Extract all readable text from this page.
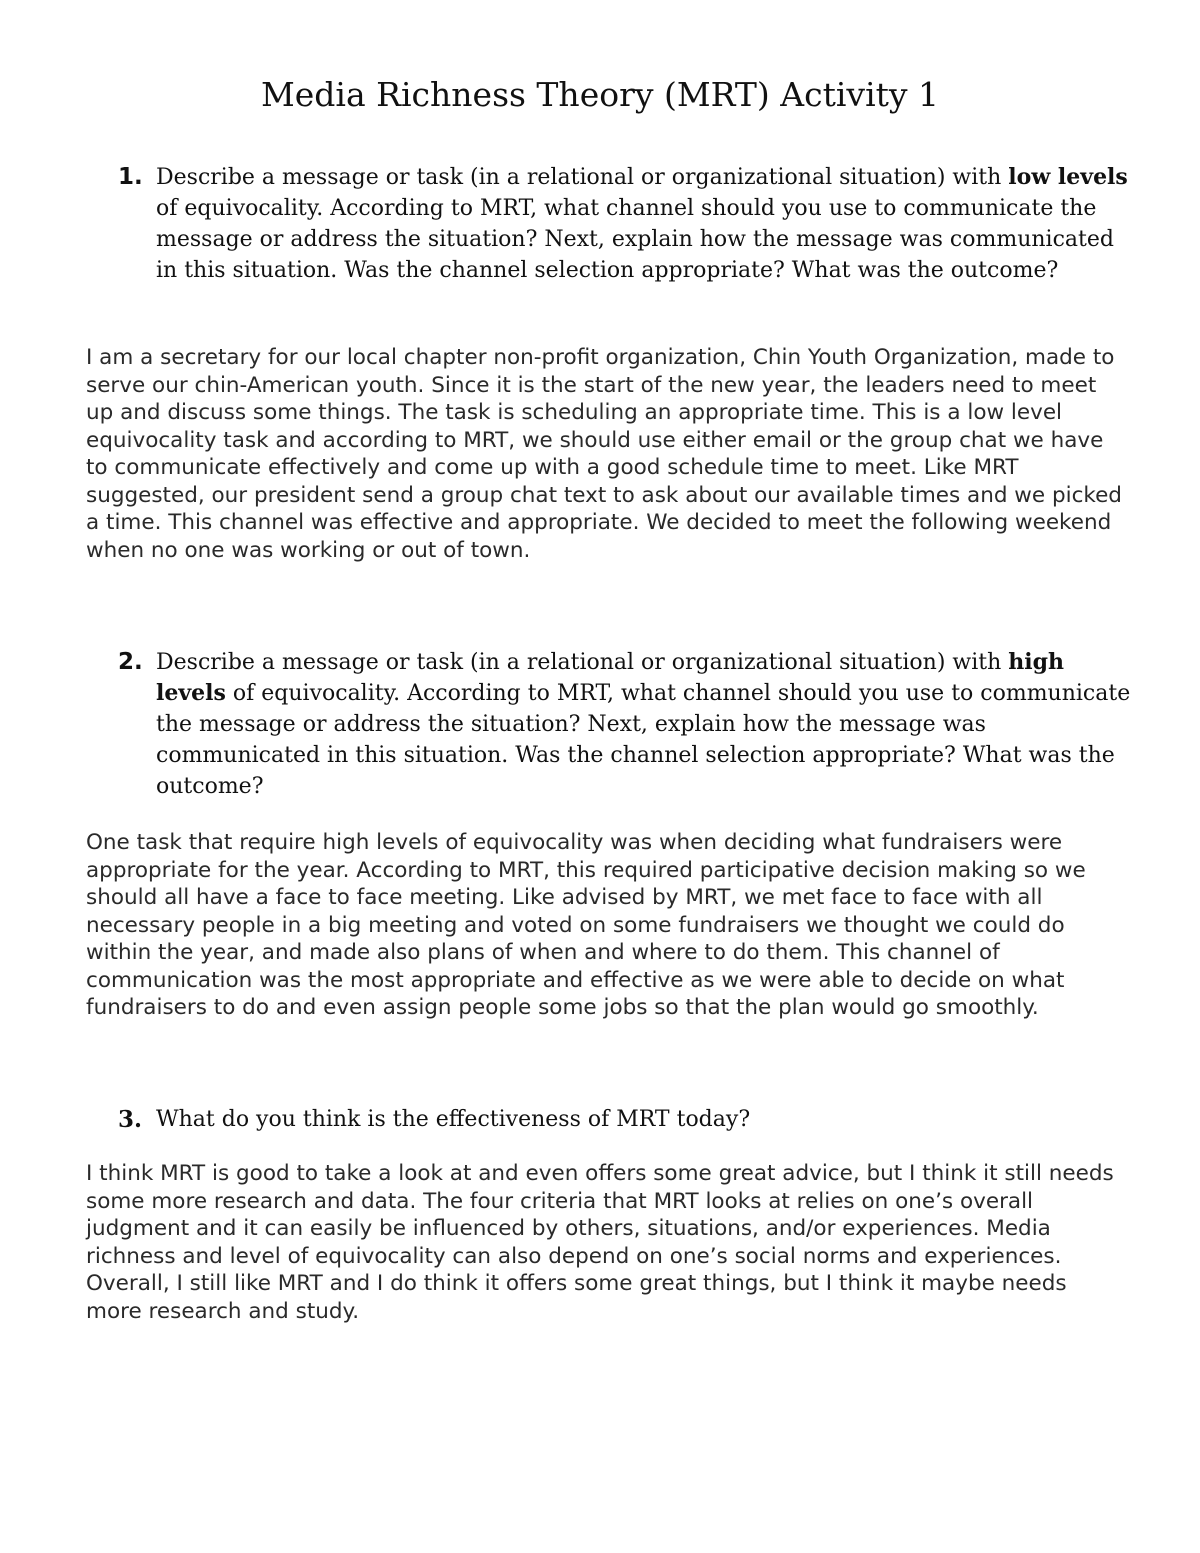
Media Richness Theory (MRT) Activity 1

1. Describe a message or task (in a relational or organizational situation) with low levels of equivocality. According to MRT, what channel should you use to communicate the message or address the situation? Next, explain how the message was communicated in this situation. Was the channel selection appropriate? What was the outcome?

I am a secretary for our local chapter non-profit organization, Chin Youth Organization, made to serve our chin-American youth. Since it is the start of the new year, the leaders need to meet up and discuss some things. The task is scheduling an appropriate time. This is a low level equivocality task and according to MRT, we should use either email or the group chat we have to communicate effectively and come up with a good schedule time to meet. Like MRT suggested, our president send a group chat text to ask about our available times and we picked a time. This channel was effective and appropriate. We decided to meet the following weekend when no one was working or out of town.

2. Describe a message or task (in a relational or organizational situation) with high levels of equivocality. According to MRT, what channel should you use to communicate the message or address the situation? Next, explain how the message was communicated in this situation. Was the channel selection appropriate? What was the outcome?

One task that require high levels of equivocality was when deciding what fundraisers were appropriate for the year. According to MRT, this required participative decision making so we should all have a face to face meeting. Like advised by MRT, we met face to face with all necessary people in a big meeting and voted on some fundraisers we thought we could do within the year, and made also plans of when and where to do them. This channel of communication was the most appropriate and effective as we were able to decide on what fundraisers to do and even assign people some jobs so that the plan would go smoothly.

3. What do you think is the effectiveness of MRT today?

I think MRT is good to take a look at and even offers some great advice, but I think it still needs some more research and data. The four criteria that MRT looks at relies on one’s overall judgment and it can easily be influenced by others, situations, and/or experiences. Media richness and level of equivocality can also depend on one’s social norms and experiences. Overall, I still like MRT and I do think it offers some great things, but I think it maybe needs more research and study.
